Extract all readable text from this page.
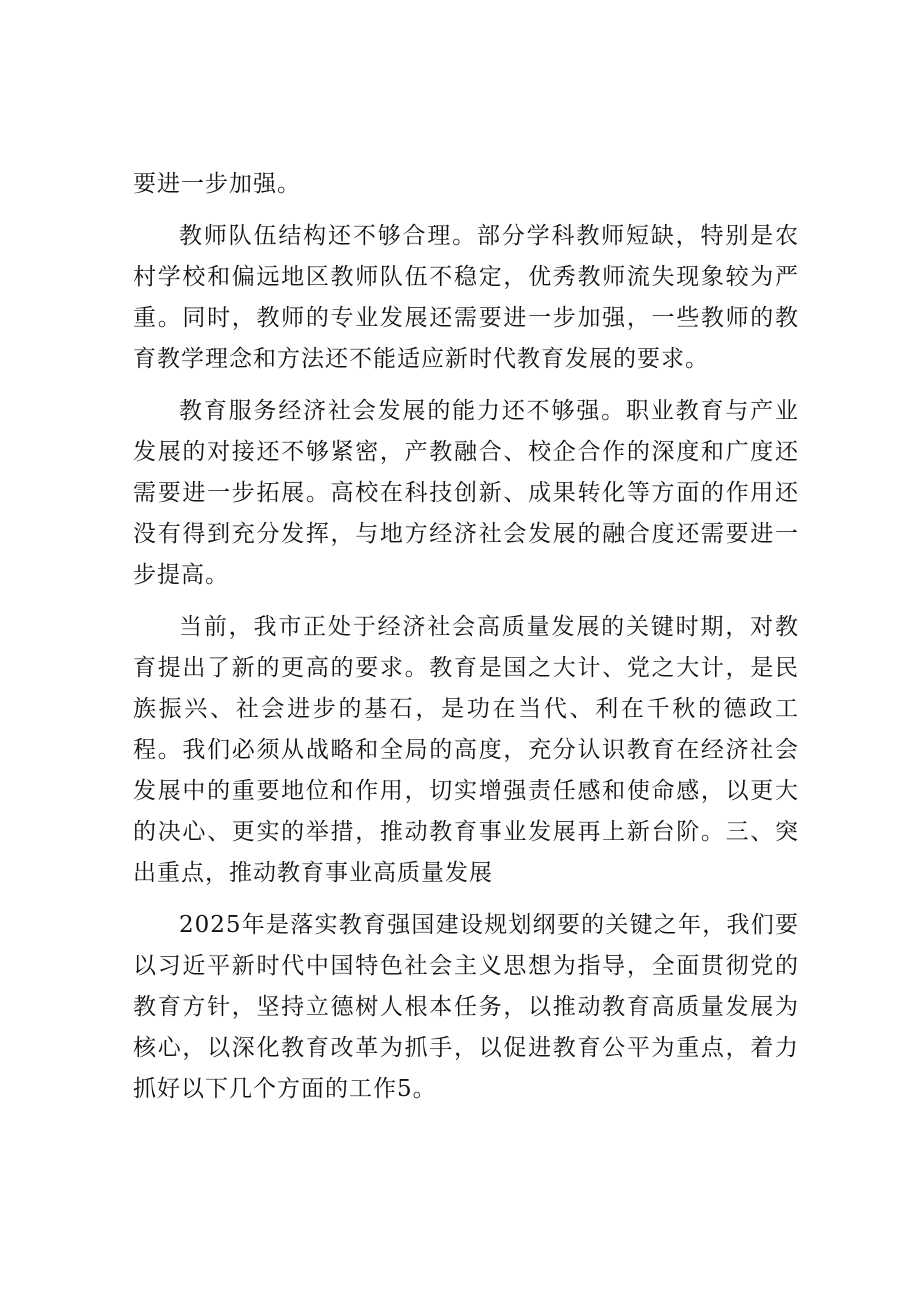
要进一步加强。

教师队伍结构还不够合理。部分学科教师短缺，特别是农村学校和偏远地区教师队伍不稳定，优秀教师流失现象较为严重。同时，教师的专业发展还需要进一步加强，一些教师的教育教学理念和方法还不能适应新时代教育发展的要求。

教育服务经济社会发展的能力还不够强。职业教育与产业发展的对接还不够紧密，产教融合、校企合作的深度和广度还需要进一步拓展。高校在科技创新、成果转化等方面的作用还没有得到充分发挥，与地方经济社会发展的融合度还需要进一步提高。

当前，我市正处于经济社会高质量发展的关键时期，对教育提出了新的更高的要求。教育是国之大计、党之大计，是民族振兴、社会进步的基石，是功在当代、利在千秋的德政工程。我们必须从战略和全局的高度，充分认识教育在经济社会发展中的重要地位和作用，切实增强责任感和使命感，以更大的决心、更实的举措，推动教育事业发展再上新台阶。三、突出重点，推动教育事业高质量发展

2025年是落实教育强国建设规划纲要的关键之年，我们要以习近平新时代中国特色社会主义思想为指导，全面贯彻党的教育方针，坚持立德树人根本任务，以推动教育高质量发展为核心，以深化教育改革为抓手，以促进教育公平为重点，着力抓好以下几个方面的工作5。
